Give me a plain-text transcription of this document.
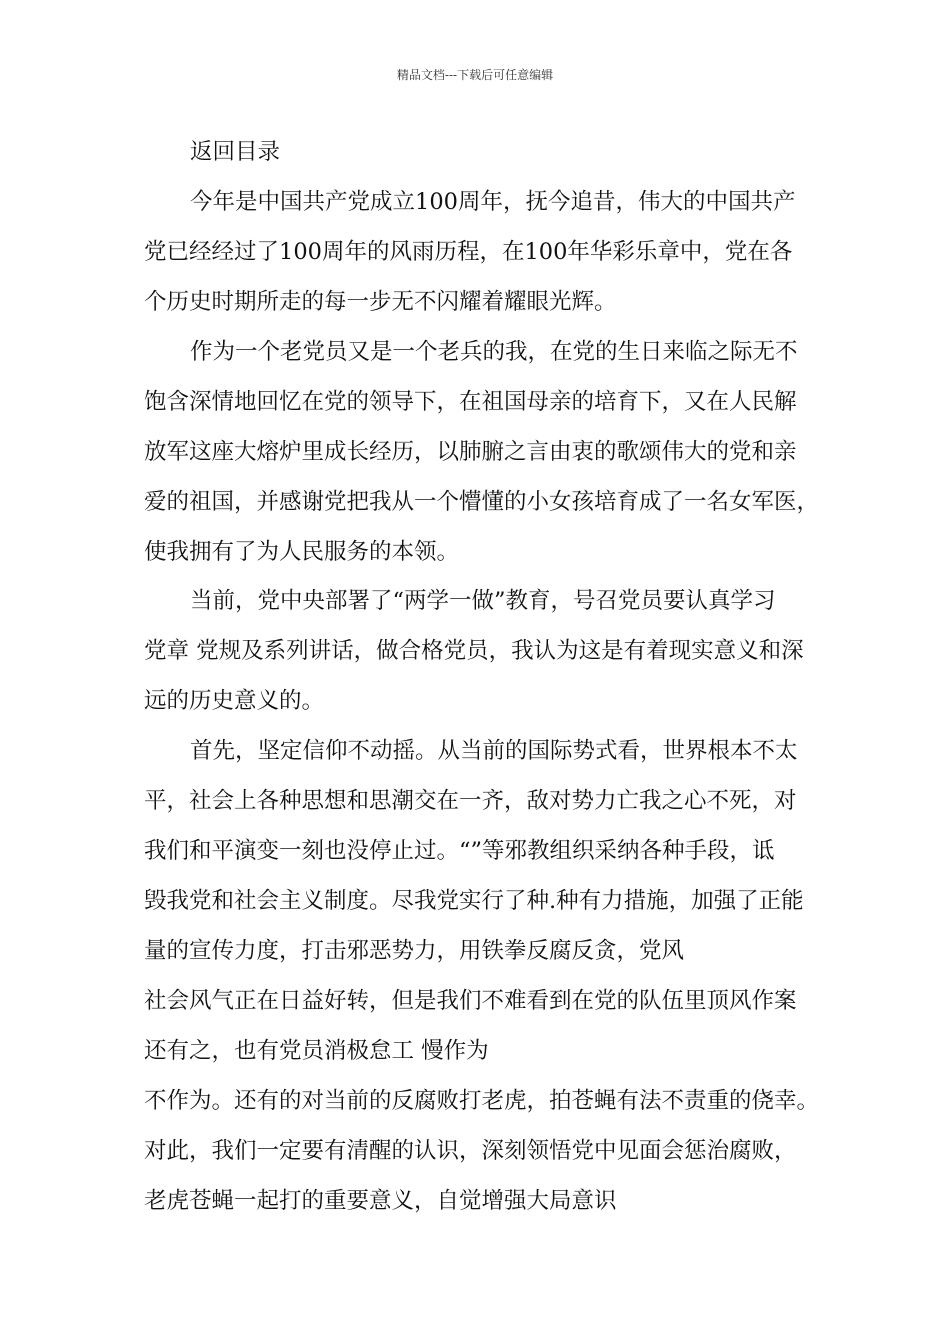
精品文档---下载后可任意编辑
返回目录
今年是中国共产党成立100周年，抚今追昔，伟大的中国共产
党已经经过了100周年的风雨历程，在100年华彩乐章中，党在各
个历史时期所走的每一步无不闪耀着耀眼光辉。
作为一个老党员又是一个老兵的我，在党的生日来临之际无不
饱含深情地回忆在党的领导下，在祖国母亲的培育下，又在人民解
放军这座大熔炉里成长经历，以肺腑之言由衷的歌颂伟大的党和亲
爱的祖国，并感谢党把我从一个懵懂的小女孩培育成了一名女军医，
使我拥有了为人民服务的本领。
当前，党中央部署了“两学一做”教育，号召党员要认真学习
党章 党规及系列讲话，做合格党员，我认为这是有着现实意义和深
远的历史意义的。
首先，坚定信仰不动摇。从当前的国际势式看，世界根本不太
平，社会上各种思想和思潮交在一齐，敌对势力亡我之心不死，对
我们和平演变一刻也没停止过。“”等邪教组织采纳各种手段，诋
毁我党和社会主义制度。尽我党实行了种.种有力措施，加强了正能
量的宣传力度，打击邪恶势力，用铁拳反腐反贪，党风
社会风气正在日益好转，但是我们不难看到在党的队伍里顶风作案
还有之，也有党员消极怠工 慢作为
不作为。还有的对当前的反腐败打老虎，拍苍蝇有法不责重的侥幸。
对此，我们一定要有清醒的认识，深刻领悟党中见面会惩治腐败，
老虎苍蝇一起打的重要意义，自觉增强大局意识
